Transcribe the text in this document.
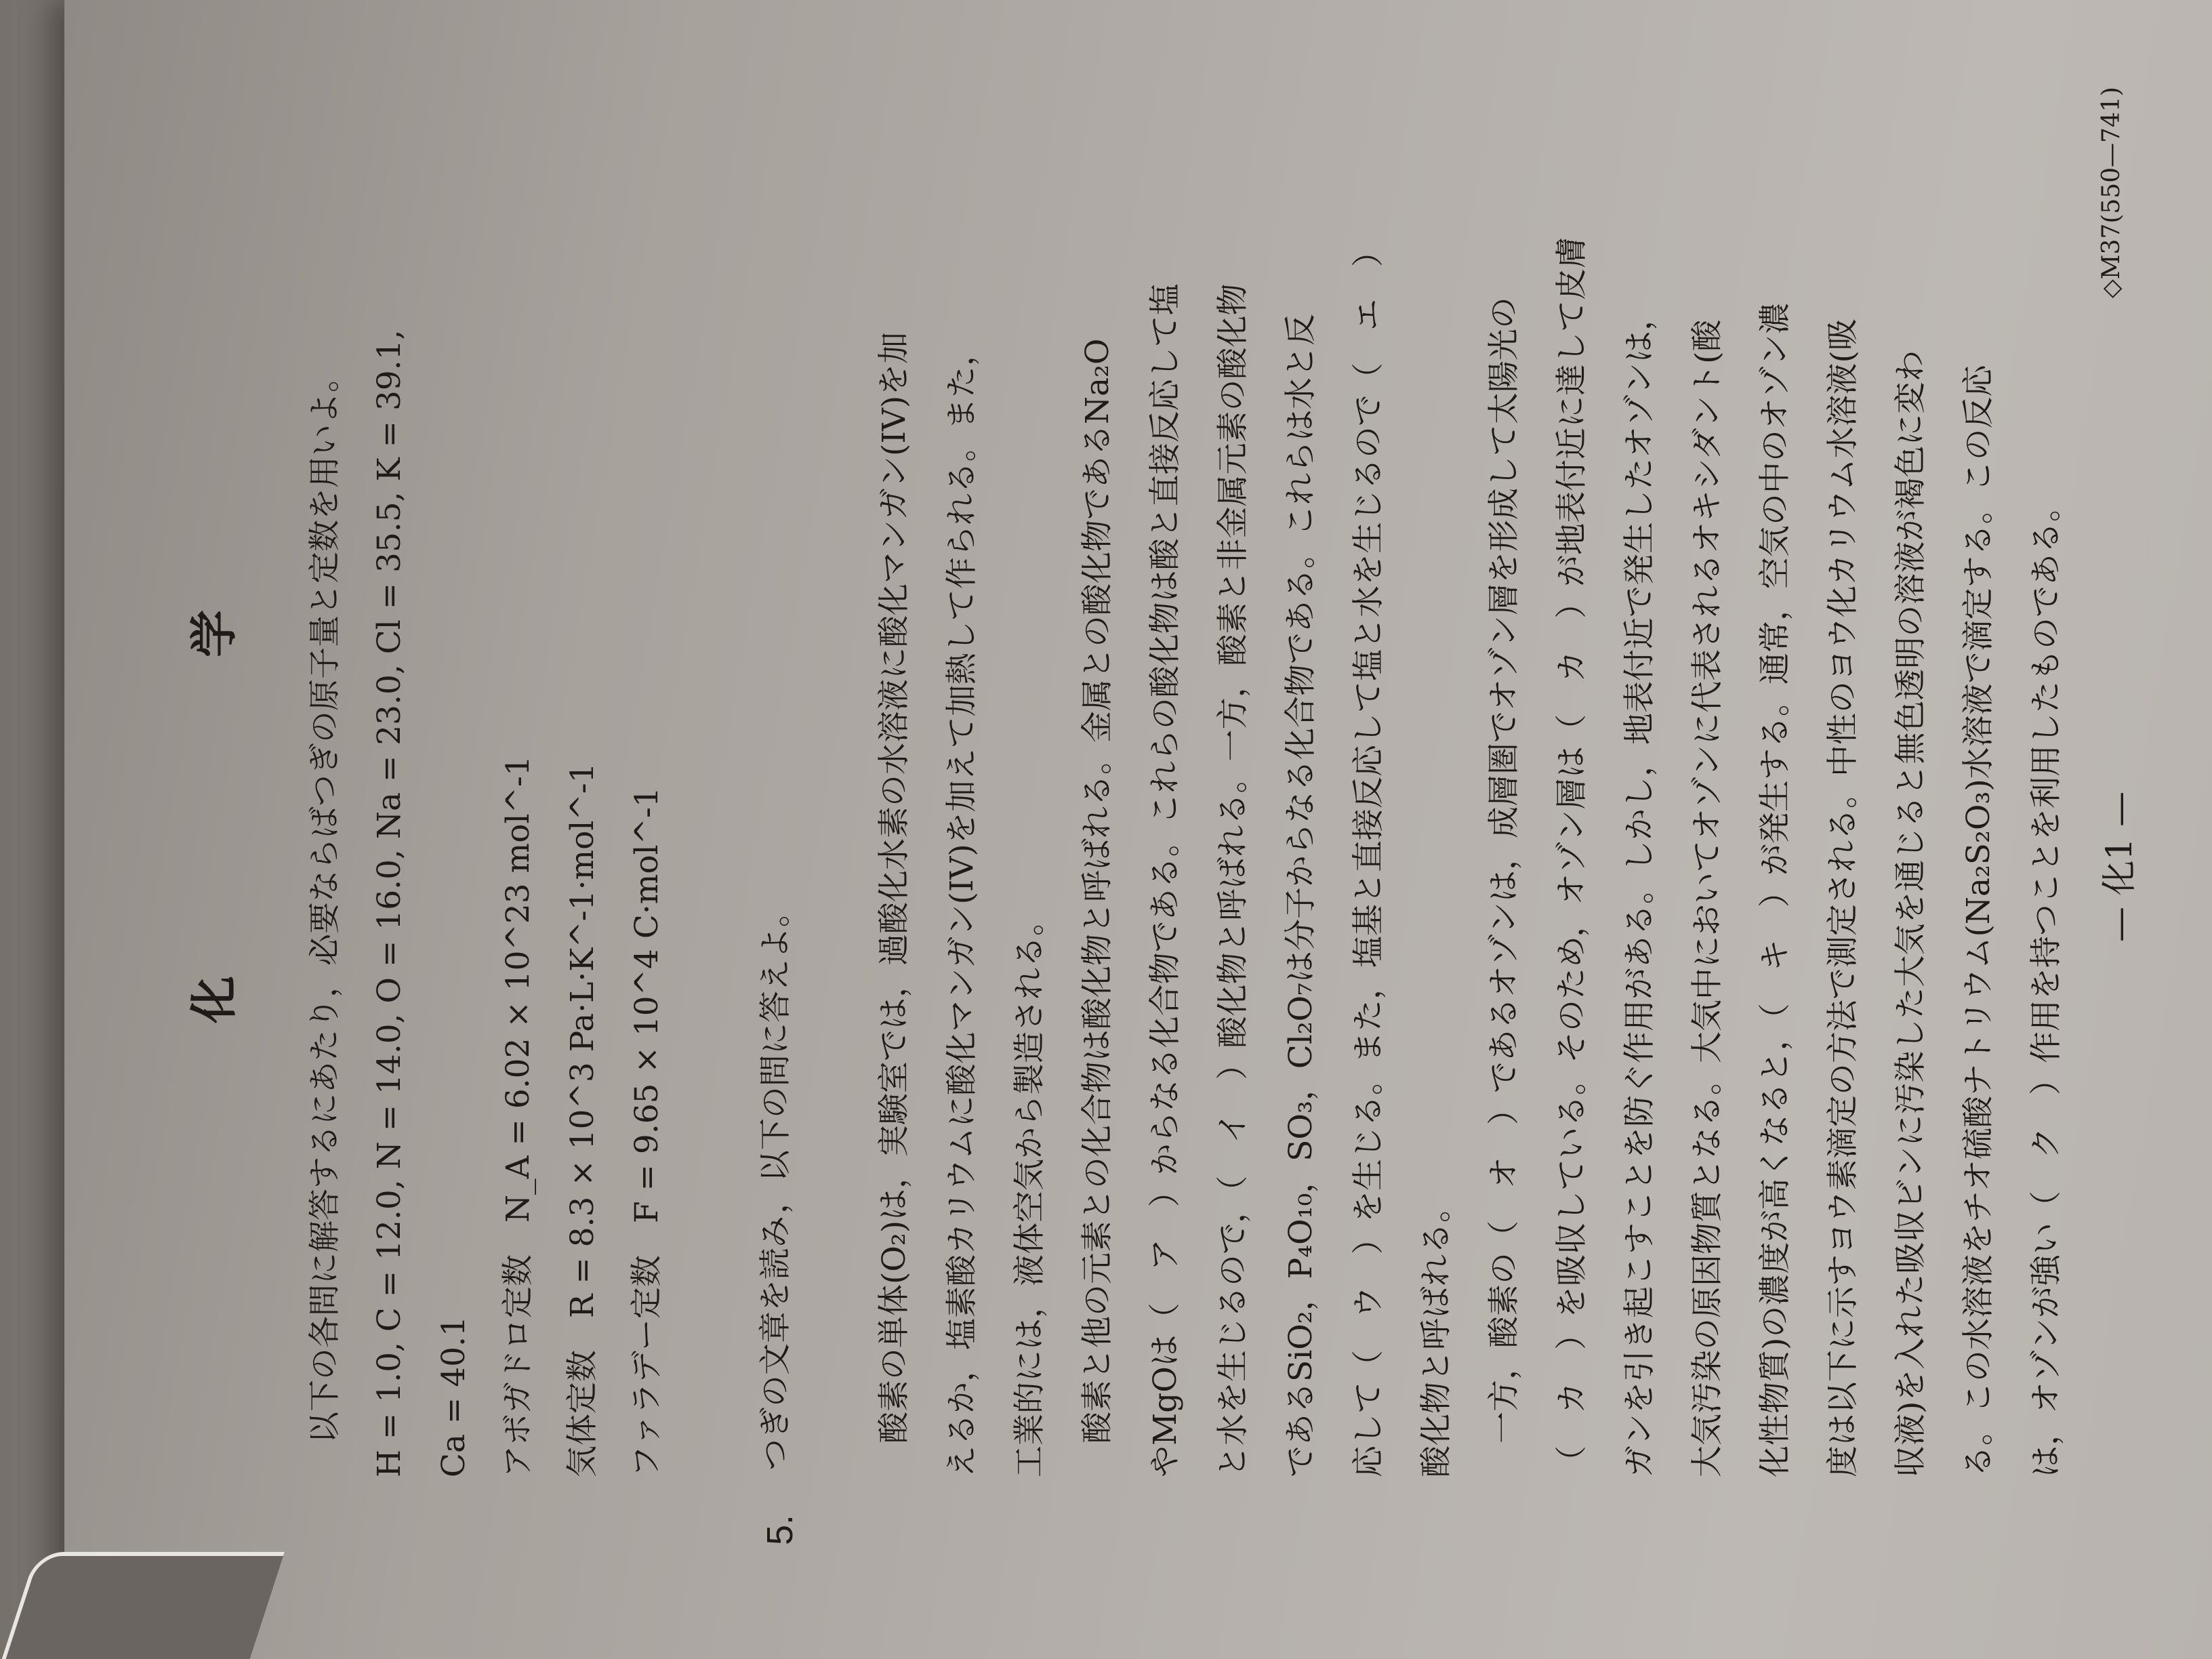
化　学 以下の各問に解答するにあたり，必要ならばつぎの原子量と定数を用いよ。 H = 1.0, C = 12.0, N = 14.0, O = 16.0, Na = 23.0, Cl = 35.5, K = 39.1, Ca = 40.1 アボガドロ定数　N_A = 6.02 × 10^23 mol^-1 気体定数　R = 8.3 × 10^3 Pa·L·K^-1·mol^-1 ファラデー定数　F = 9.65 × 10^4 C·mol^-1
5.
つぎの文章を読み，以下の問に答えよ。	酸素の単体(O₂)は，実験室では，過酸化水素の水溶液に酸化マンガン(IV)を加 えるか，塩素酸カリウムに酸化マンガン(IV)を加えて加熱して作られる。また， 工業的には，液体空気から製造される。 酸素と他の元素との化合物は酸化物と呼ばれる。金属との酸化物であるNa₂O やMgOは（　ア　）からなる化合物である。これらの酸化物は酸と直接反応して塩 と水を生じるので，（　イ　）酸化物と呼ばれる。一方，酸素と非金属元素の酸化物 であるSiO₂，P₄O₁₀，SO₃，Cl₂O₇は分子からなる化合物である。これらは水と反 応して（　ウ　）を生じる。また，塩基と直接反応して塩と水を生じるので（　エ　） 酸化物と呼ばれる。 一方，酸素の（　オ　）であるオゾンは，成層圏でオゾン層を形成して太陽光の （　カ　）を吸収している。そのため，オゾン層は（　カ　）が地表付近に達して皮膚 ガンを引き起こすことを防ぐ作用がある。しかし，地表付近で発生したオゾンは， 大気汚染の原因物質となる。大気中においてオゾンに代表されるオキシダント(酸 化性物質)の濃度が高くなると，（　キ　）が発生する。通常，空気の中のオゾン濃 度は以下に示すヨウ素滴定の方法で測定される。中性のヨウ化カリウム水溶液(吸 収液)を入れた吸収ビンに汚染した大気を通じると無色透明の溶液が褐色に変わ る。この水溶液をチオ硫酸ナトリウム(Na₂S₂O₃)水溶液で滴定する。この反応 は，オゾンが強い（　ク　）作用を持つことを利用したものである。 — 化1 —
◇M37(550—741)
